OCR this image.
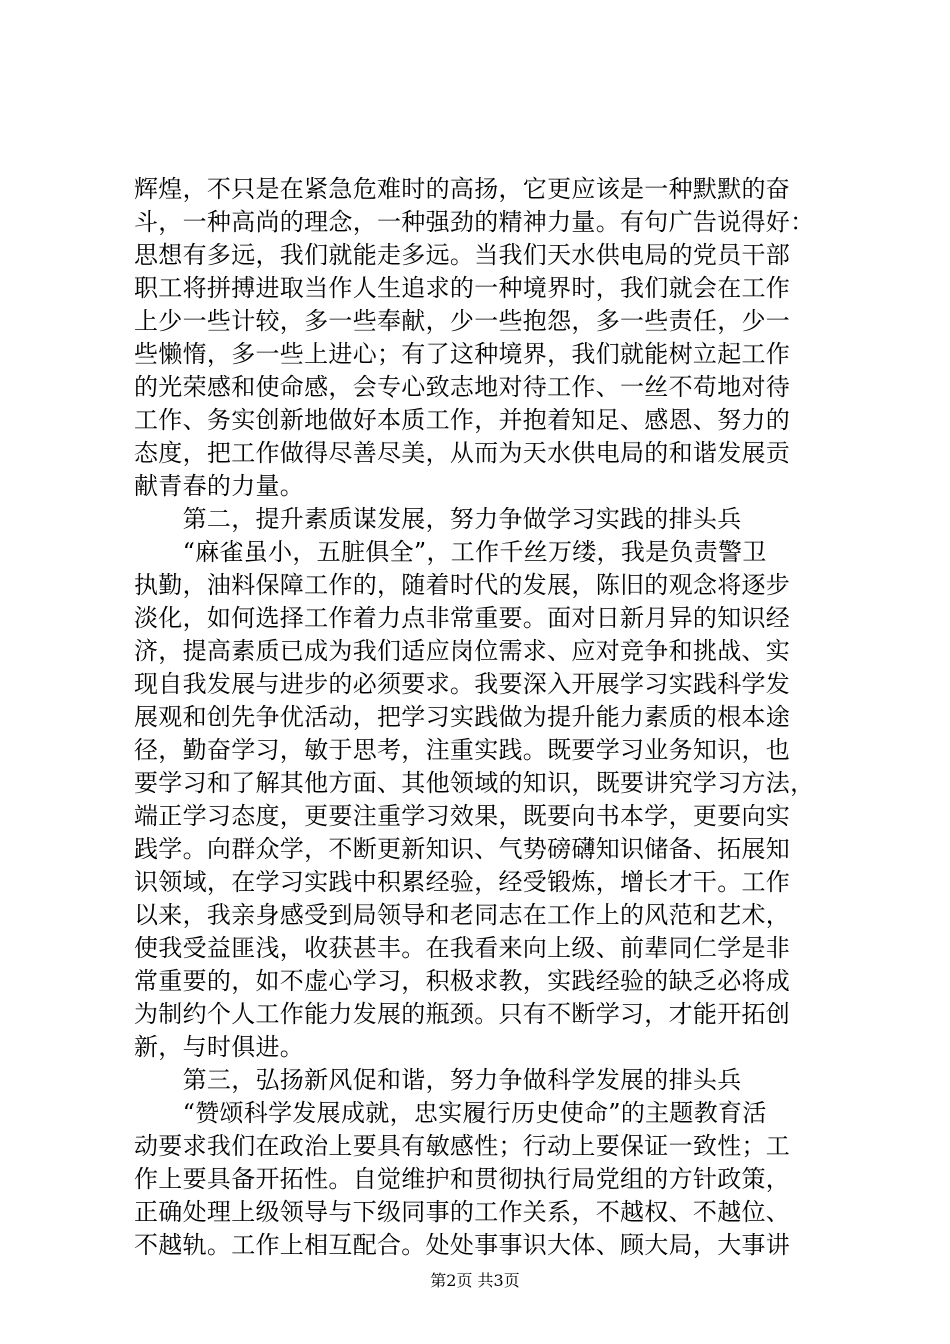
辉煌，不只是在紧急危难时的高扬，它更应该是一种默默的奋
斗，一种高尚的理念，一种强劲的精神力量。有句广告说得好：
思想有多远，我们就能走多远。当我们天水供电局的党员干部
职工将拼搏进取当作人生追求的一种境界时，我们就会在工作
上少一些计较，多一些奉献，少一些抱怨，多一些责任，少一
些懒惰，多一些上进心；有了这种境界，我们就能树立起工作
的光荣感和使命感，会专心致志地对待工作、一丝不苟地对待
工作、务实创新地做好本质工作，并抱着知足、感恩、努力的
态度，把工作做得尽善尽美，从而为天水供电局的和谐发展贡
献青春的力量。
　　第二，提升素质谋发展，努力争做学习实践的排头兵
　　“麻雀虽小，五脏俱全”，工作千丝万缕，我是负责警卫
执勤，油料保障工作的，随着时代的发展，陈旧的观念将逐步
淡化，如何选择工作着力点非常重要。面对日新月异的知识经
济，提高素质已成为我们适应岗位需求、应对竞争和挑战、实
现自我发展与进步的必须要求。我要深入开展学习实践科学发
展观和创先争优活动，把学习实践做为提升能力素质的根本途
径，勤奋学习，敏于思考，注重实践。既要学习业务知识，也
要学习和了解其他方面、其他领域的知识，既要讲究学习方法，
端正学习态度，更要注重学习效果，既要向书本学，更要向实
践学。向群众学，不断更新知识、气势磅礴知识储备、拓展知
识领域，在学习实践中积累经验，经受锻炼，增长才干。工作
以来，我亲身感受到局领导和老同志在工作上的风范和艺术，
使我受益匪浅，收获甚丰。在我看来向上级、前辈同仁学是非
常重要的，如不虚心学习，积极求教，实践经验的缺乏必将成
为制约个人工作能力发展的瓶颈。只有不断学习，才能开拓创
新，与时俱进。
　　第三，弘扬新风促和谐，努力争做科学发展的排头兵
　　“赞颂科学发展成就，忠实履行历史使命”的主题教育活
动要求我们在政治上要具有敏感性；行动上要保证一致性；工
作上要具备开拓性。自觉维护和贯彻执行局党组的方针政策，
正确处理上级领导与下级同事的工作关系，不越权、不越位、
不越轨。工作上相互配合。处处事事识大体、顾大局，大事讲
第2页 共3页
